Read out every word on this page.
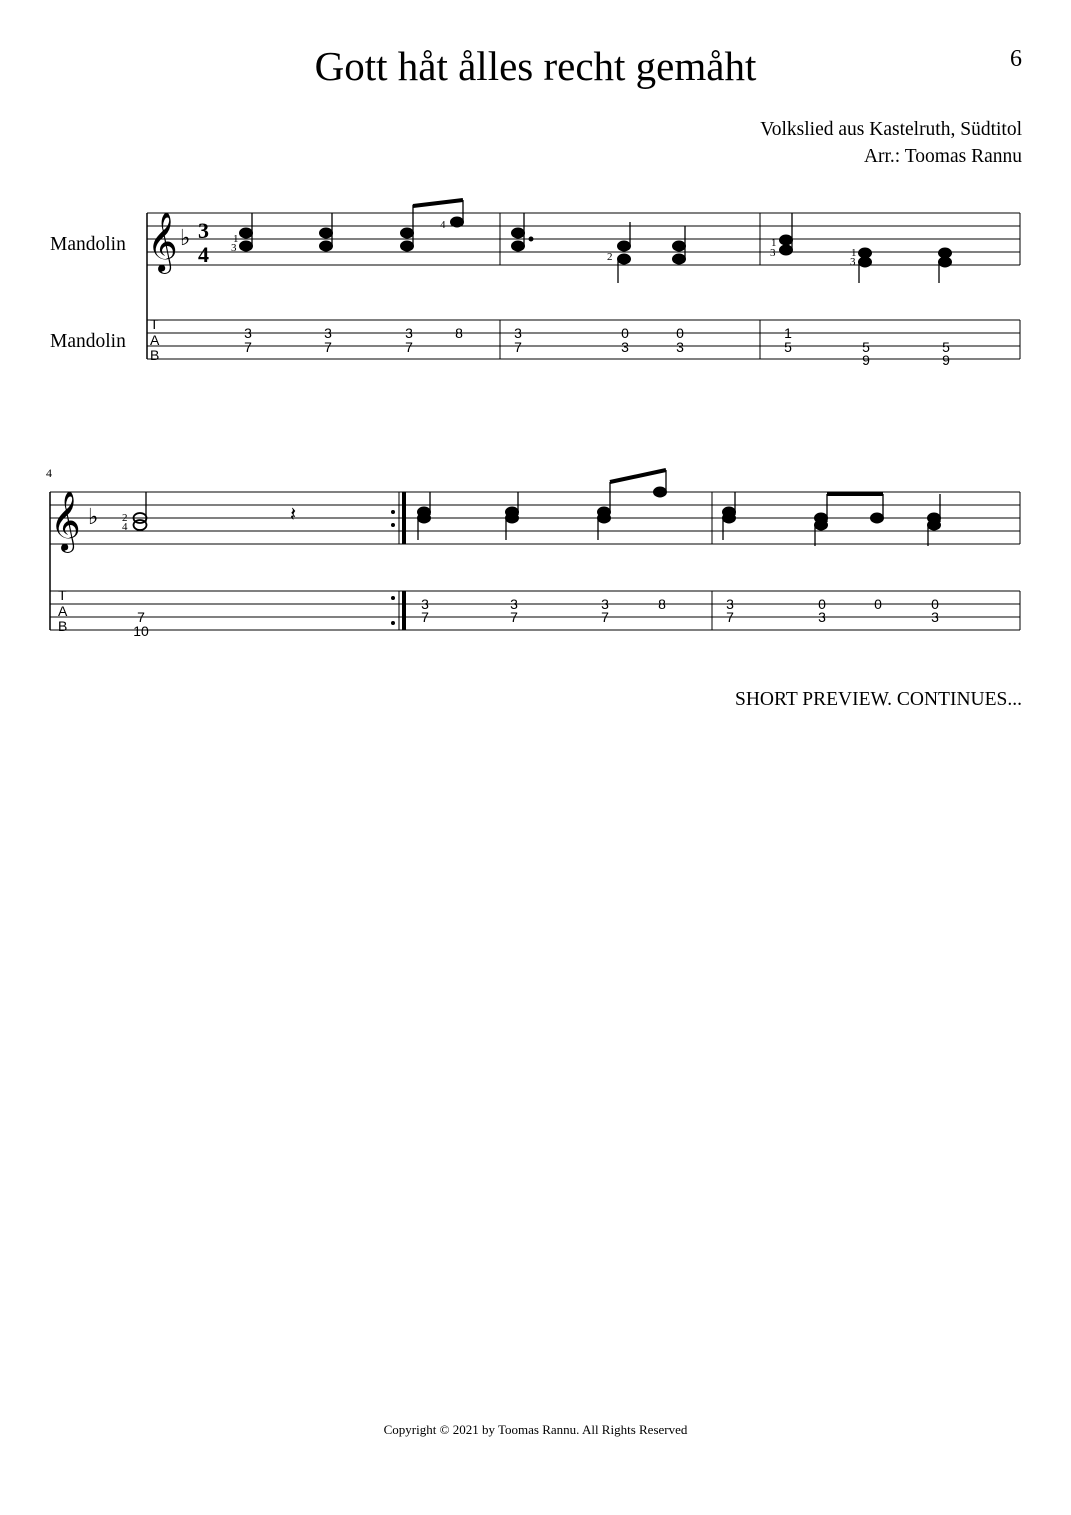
Gott håt ålles recht gemåht	6
Volkslied aus Kastelruth, Südtitol
Arr.: Toomas Rannu
𝄞 ♭ 3
4
T
A
B
1
3
4
2
1
3	1
3
3
7
3
7
3
7
8	3
7
0
3
0
3
1
5	5
9
5
9
4
𝄞 ♭
T
A
B
𝄽
2
4
7
10
3
7
3
7
3
7
8	3
7
0
3
0	0
3
Mandolin
Mandolin
SHORT PREVIEW. CONTINUES...
Copyright © 2021 by Toomas Rannu. All Rights Reserved
